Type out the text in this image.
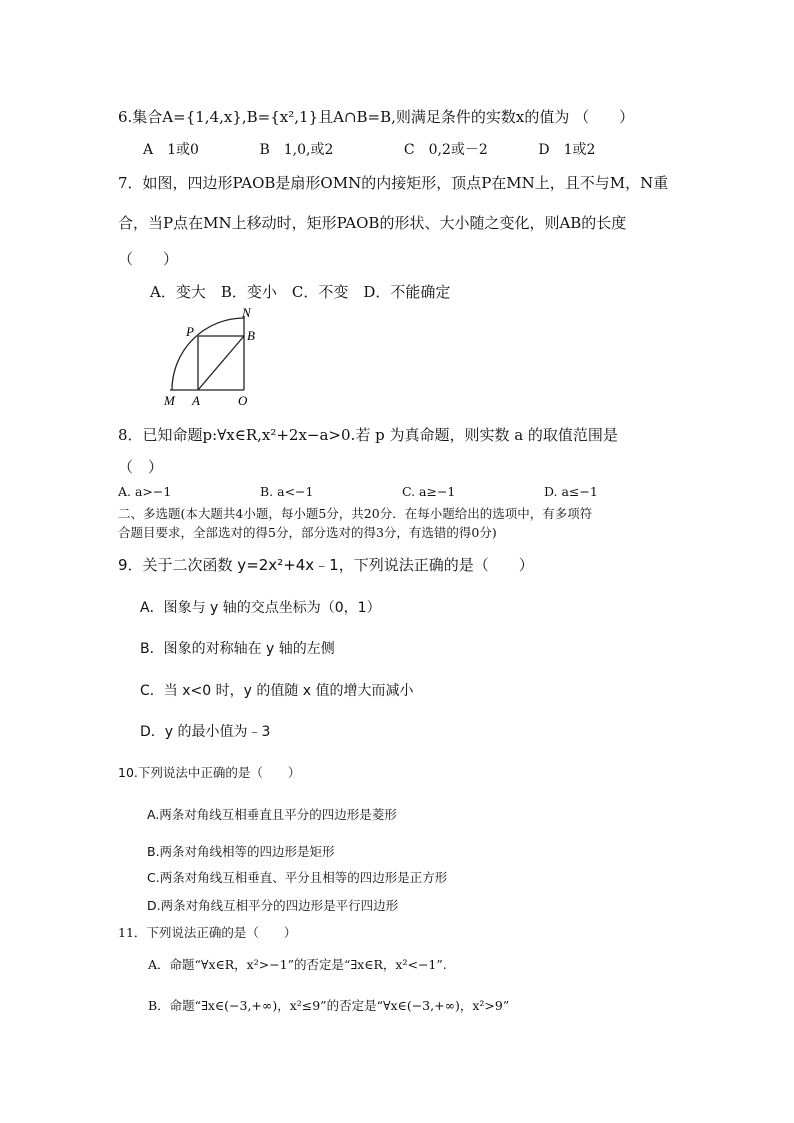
6.集合A={1,4,x},B={x²,1}且A∩B=B,则满足条件的实数x的值为 （　　）
A　1或0	B　1,0,或2	C　0,2或－2	D　1或2
7．如图，四边形PAOB是扇形OMN的内接矩形，顶点P在MN上，且不与M，N重
合，当P点在MN上移动时，矩形PAOB的形状、大小随之变化，则AB的长度
（　　）
A．变大　B．变小　C．不变　D．不能确定
N
P	B
M A	O
8．已知命题p:∀x∈R,x²+2x−a>0.若 p 为真命题，则实数 a 的取值范围是
（　）
A. a>−1	B. a<−1	C. a≥−1	D. a≤−1
二、多选题(本大题共4小题，每小题5分，共20分．在每小题给出的选项中，有多项符
合题目要求，全部选对的得5分，部分选对的得3分，有选错的得0分)
9．关于二次函数 y=2x²+4x﹣1，下列说法正确的是（　　）
A．图象与 y 轴的交点坐标为（0，1）
B．图象的对称轴在 y 轴的左侧
C．当 x<0 时，y 的值随 x 值的增大而减小
D．y 的最小值为﹣3
10.下列说法中正确的是（　　）
A.两条对角线互相垂直且平分的四边形是菱形
B.两条对角线相等的四边形是矩形
C.两条对角线互相垂直、平分且相等的四边形是正方形
D.两条对角线互相平分的四边形是平行四边形
11．下列说法正确的是（　　）
A．命题“∀x∈R，x²>−1”的否定是“∃x∈R，x²<−1”.
B．命题“∃x∈(−3,+∞)，x²≤9”的否定是“∀x∈(−3,+∞)，x²>9”
